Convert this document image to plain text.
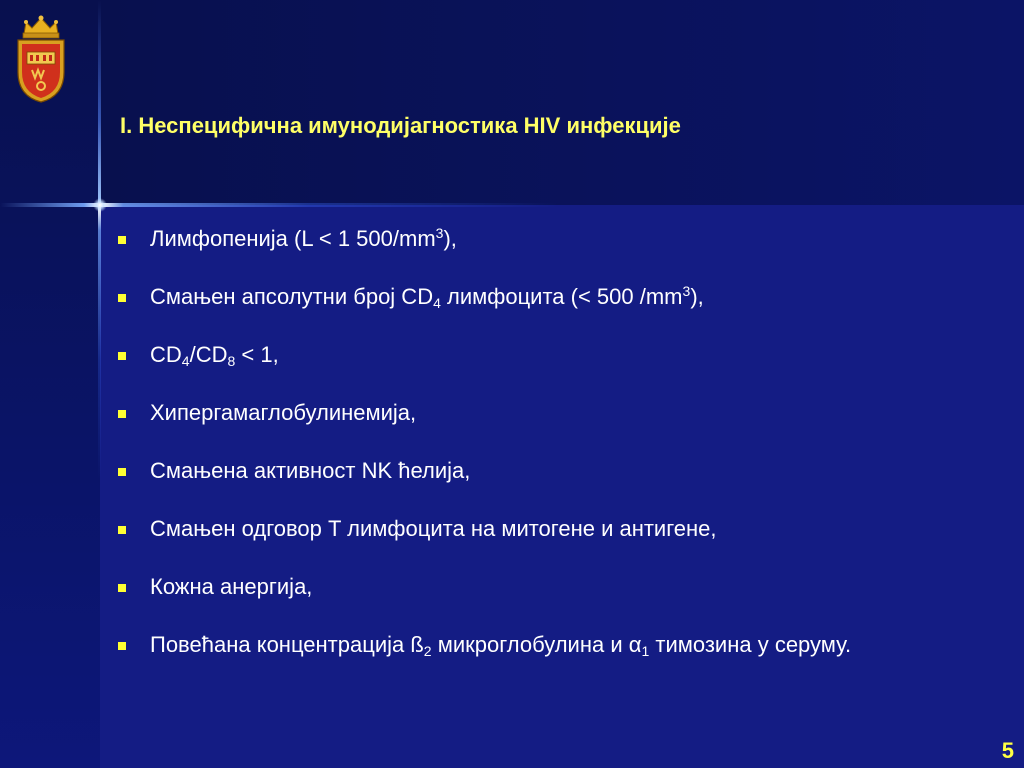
I. Неспецифична имунодијагностика HIV инфекције
Лимфопенија (L < 1 $500/mm^3$),
Смањен апсолутни број $CD_4$ лимфоцита (< 500 $/mm^3$),
$CD_4/CD_8 < 1$,
Хипергамаглобулинемија,
Смањена активност NK ћелија,
Смањен одговор T лимфоцита на митогене и антигене,
Кожна анергија,
Повећана концентрација $ß_2$ микроглобулина и $\alpha_1$ тимозина у серуму.
5
